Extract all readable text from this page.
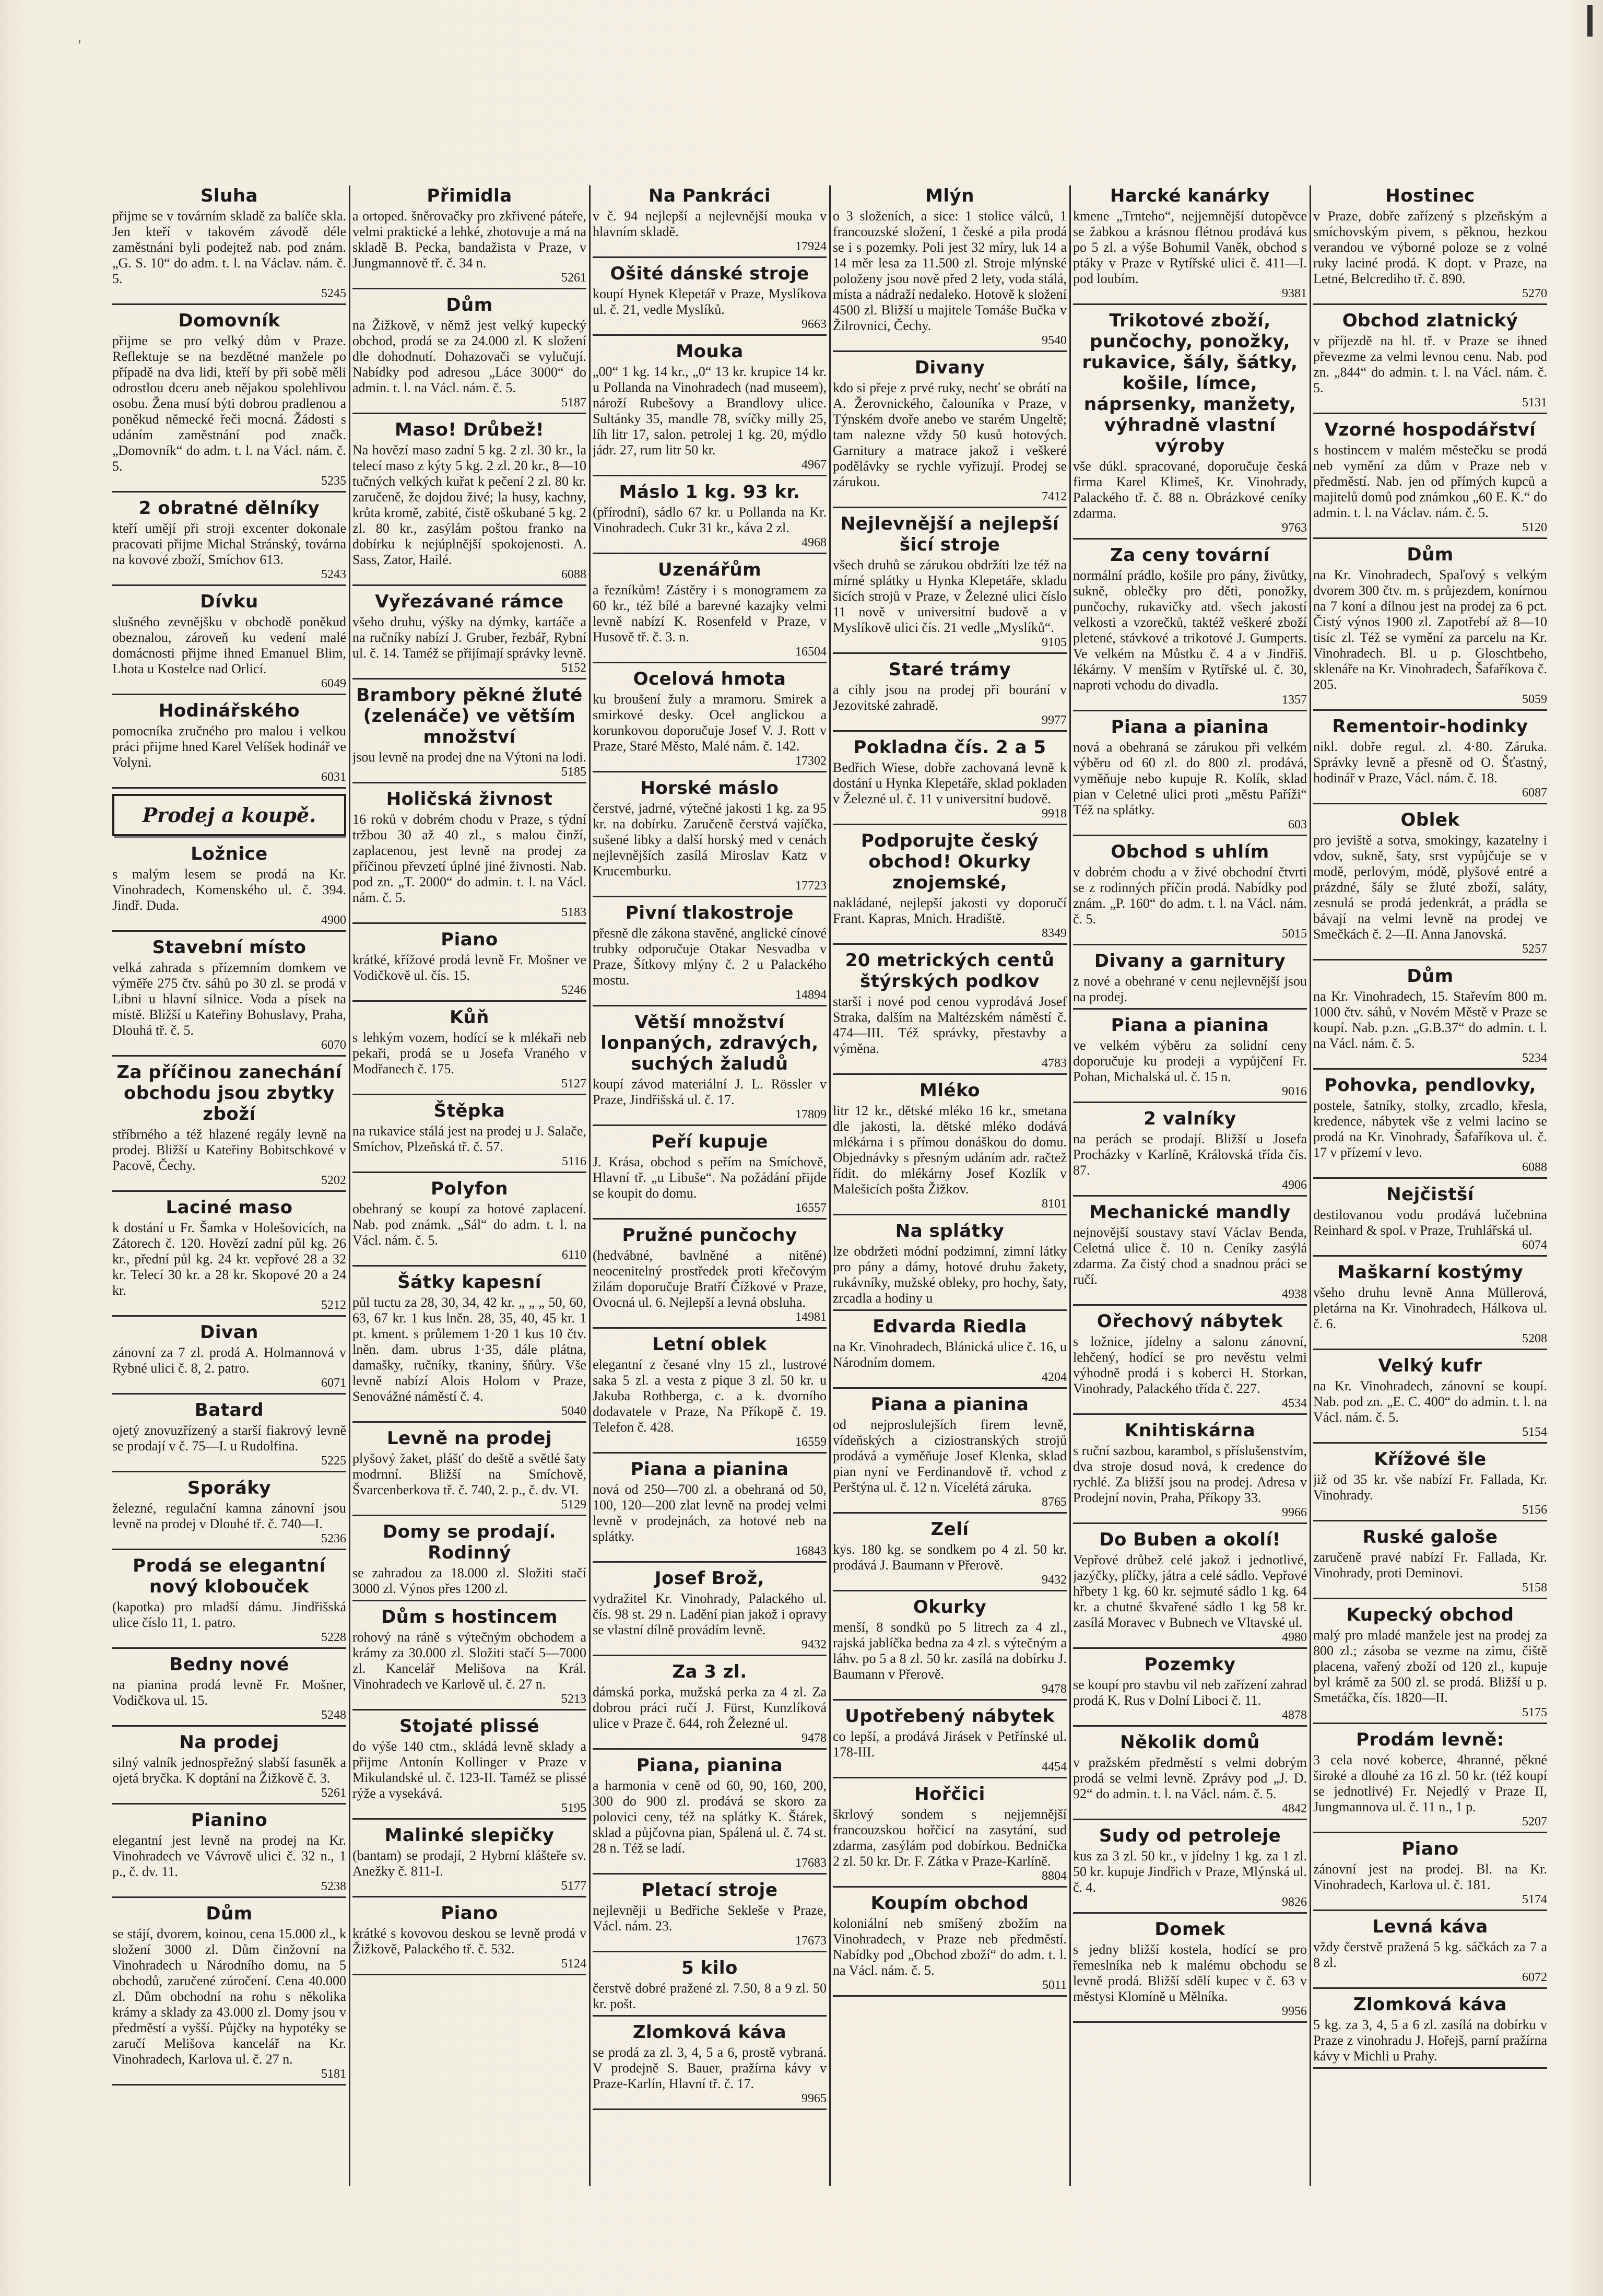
'
Sluha
přijme se v továrním skladě za balíče skla. Jen kteří v takovém závodě déle zaměstnáni byli podejtež nab. pod znám. „G. S. 10“ do adm. t. l. na Václav. nám. č. 5.
5245
Domovník
přijme se pro velký dům v Praze. Reflektuje se na bezdětné manžele po případě na dva lidi, kteří by při sobě měli odrostlou dceru aneb nějakou spolehlivou osobu. Žena musí býti dobrou pradlenou a poněkud německé řeči mocná. Žádosti s udáním zaměstnání pod značk. „Domovník“ do adm. t. l. na Václ. nám. č. 5.
5235
2 obratné dělníky
kteří umějí při stroji excenter dokonale pracovati přijme Michal Stránský, továrna na kovové zboží, Smíchov 613.
5243
Dívku
slušného zevnějšku v obchodě poněkud obeznalou, zároveň ku vedení malé domácnosti přijme ihned Emanuel Blim, Lhota u Kostelce nad Orlicí.
6049
Hodinářského
pomocníka zručného pro malou i velkou práci přijme hned Karel Velíšek hodinář ve Volyni.
6031
Prodej a koupě.
Ložnice
s malým lesem se prodá na Kr. Vinohradech, Komenského ul. č. 394. Jindř. Duda.
4900
Stavební místo
velká zahrada s přízemním domkem ve výměře 275 čtv. sáhů po 30 zl. se prodá v Libni u hlavní silnice. Voda a písek na místě. Bližší u Kateřiny Bohuslavy, Praha, Dlouhá tř. č. 5.
6070
Za příčinou zanechání obchodu jsou zbytky zboží
stříbrného a též hlazené regály levně na prodej. Bližší u Kateřiny Bobitschkové v Pacově, Čechy.
5202
Laciné maso
k dostání u Fr. Šamka v Holešovicích, na Zátorech č. 120. Hovězí zadní půl kg. 26 kr., přední půl kg. 24 kr. vepřové 28 a 32 kr. Telecí 30 kr. a 28 kr. Skopové 20 a 24 kr.
5212
Divan
zánovní za 7 zl. prodá A. Holmannová v Rybné ulici č. 8, 2. patro.
6071
Batard
ojetý znovuzřízený a starší fiakrový levně se prodají v č. 75—I. u Rudolfina.
5225
Sporáky
železné, regulační kamna zánovní jsou levně na prodej v Dlouhé tř. č. 740—I.
5236
Prodá se elegantní nový klobouček
(kapotka) pro mladší dámu. Jindřišská ulice číslo 11, 1. patro.
5228
Bedny nové
na pianina prodá levně Fr. Mošner, Vodičkova ul. 15.
5248
Na prodej
silný valník jednospřežný slabší fasuněk a ojetá bryčka. K doptání na Žižkově č. 3.
5261
Pianino
elegantní jest levně na prodej na Kr. Vinohradech ve Vávrově ulici č. 32 n., 1 p., č. dv. 11.
5238
Dům
se stájí, dvorem, koinou, cena 15.000 zl., k složení 3000 zl. Dům činžovní na Vinohradech u Národního domu, na 5 obchodů, zaručené zúročení. Cena 40.000 zl. Dům obchodní na rohu s několika krámy a sklady za 43.000 zl. Domy jsou v předměstí a vyšší. Půjčky na hypotéky se zaručí Melišova kancelář na Kr. Vinohradech, Karlova ul. č. 27 n.
5181
Přimidla
a ortoped. šněrovačky pro zkřivené páteře, velmi praktické a lehké, zhotovuje a má na skladě B. Pecka, bandažista v Praze, v Jungmannově tř. č. 34 n.
5261
Dům
na Žižkově, v němž jest velký kupecký obchod, prodá se za 24.000 zl. K složení dle dohodnutí. Dohazovači se vylučují. Nabídky pod adresou „Láce 3000“ do admin. t. l. na Václ. nám. č. 5.
5187
Maso! Drůbež!
Na hovězí maso zadní 5 kg. 2 zl. 30 kr., la telecí maso z kýty 5 kg. 2 zl. 20 kr., 8—10 tučných velkých kuřat k pečení 2 zl. 80 kr. zaručeně, že dojdou živé; la husy, kachny, krůta kromě, zabité, čistě oškubané 5 kg. 2 zl. 80 kr., zasýlám poštou franko na dobírku k nejúplnější spokojenosti. A. Sass, Zator, Hailé.
6088
Vyřezávané rámce
všeho druhu, výšky na dýmky, kartáče a na ručníky nabízí J. Gruber, řezbář, Rybní ul. č. 14. Taméž se přijímají správky levně.
5152
Brambory pěkné žluté (zelenáče) ve větším množství
jsou levně na prodej dne na Výtoni na lodi.
5185
Holičská živnost
16 roků v dobrém chodu v Praze, s týdní tržbou 30 až 40 zl., s malou činží, zaplacenou, jest levně na prodej za příčinou převzetí úplné jiné živnosti. Nab. pod zn. „T. 2000“ do admin. t. l. na Václ. nám. č. 5.
5183
Piano
krátké, křížové prodá levně Fr. Mošner ve Vodičkově ul. čís. 15.
5246
Kůň
s lehkým vozem, hodící se k mlékaři neb pekaři, prodá se u Josefa Vraného v Modřanech č. 175.
5127
Štěpka
na rukavice stálá jest na prodej u J. Salače, Smíchov, Plzeňská tř. č. 57.
5116
Polyfon
obehraný se koupí za hotové zaplacení. Nab. pod známk. „Sál“ do adm. t. l. na Václ. nám. č. 5.
6110
Šátky kapesní
půl tuctu za 28, 30, 34, 42 kr. „ „ „ 50, 60, 63, 67 kr. 1 kus lněn. 28, 35, 40, 45 kr. 1 pt. kment. s průlemem 1·20 1 kus 10 čtv. lněn. dam. ubrus 1·35, dále plátna, damašky, ručníky, tkaniny, šňůry. Vše levně nabízí Alois Holom v Praze, Senovážné náměstí č. 4.
5040
Levně na prodej
plyšový žaket, plášť do deště a světlé šaty modrnní. Bližší na Smíchově, Švarcenberkova tř. č. 740, 2. p., č. dv. VI.
5129
Domy se prodají. Rodinný
se zahradou za 18.000 zl. Složiti stačí 3000 zl. Výnos přes 1200 zl.
Dům s hostincem
rohový na ráně s výtečným obchodem a krámy za 30.000 zl. Složiti stačí 5—7000 zl. Kancelář Melišova na Král. Vinohradech ve Karlově ul. č. 27 n.
5213
Stojaté plissé
do výše 140 ctm., skládá levně sklady a přijme Antonín Kollinger v Praze v Mikulandské ul. č. 123-II. Taméž se plissé rýže a vysekává.
5195
Malinké slepičky
(bantam) se prodají, 2 Hybrní klášteře sv. Anežky č. 811-I.
5177
Piano
krátké s kovovou deskou se levně prodá v Žižkově, Palackého tř. č. 532.
5124
Na Pankráci
v č. 94 nejlepší a nejlevnější mouka v hlavním skladě.
17924
Ošité dánské stroje
koupí Hynek Klepetář v Praze, Myslíkova ul. č. 21, vedle Myslíků.
9663
Mouka
„00“ 1 kg. 14 kr., „0“ 13 kr. krupice 14 kr. u Pollanda na Vinohradech (nad museem), nároží Rubešovy a Brandlovy ulice. Sultánky 35, mandle 78, svíčky milly 25, líh litr 17, salon. petrolej 1 kg. 20, mýdlo jádr. 27, rum litr 50 kr.
4967
Máslo 1 kg. 93 kr.
(přírodní), sádlo 67 kr. u Pollanda na Kr. Vinohradech. Cukr 31 kr., káva 2 zl.
4968
Uzenářům
a řezníkům! Zástěry i s monogramem za 60 kr., též bílé a barevné kazajky velmi levně nabízí K. Rosenfeld v Praze, v Husově tř. č. 3. n.
16504
Ocelová hmota
ku broušení žuly a mramoru. Smirek a smirkové desky. Ocel anglickou a korunkovou doporučuje Josef V. J. Rott v Praze, Staré Město, Malé nám. č. 142.
17302
Horské máslo
čerstvé, jadrné, výtečné jakosti 1 kg. za 95 kr. na dobírku. Zaručeně čerstvá vajíčka, sušené libky a další horský med v cenách nejlevnějších zasílá Miroslav Katz v Krucemburku.
17723
Pivní tlakostroje
přesně dle zákona stavěné, anglické cínové trubky odporučuje Otakar Nesvadba v Praze, Šítkovy mlýny č. 2 u Palackého mostu.
14894
Větší množství lonpaných, zdravých, suchých žaludů
koupí závod materiální J. L. Rössler v Praze, Jindřišská ul. č. 17.
17809
Peří kupuje
J. Krása, obchod s peřím na Smíchově, Hlavní tř. „u Libuše“. Na požádání přijde se koupit do domu.
16557
Pružné punčochy
(hedvábné, bavlněné a nitěné) neocenitelný prostředek proti křečovým žilám doporučuje Bratří Čížkové v Praze, Ovocná ul. 6. Nejlepší a levná obsluha.
14981
Letní oblek
elegantní z česané vlny 15 zl., lustrové saka 5 zl. a vesta z pique 3 zl. 50 kr. u Jakuba Rothberga, c. a k. dvorního dodavatele v Praze, Na Příkopě č. 19. Telefon č. 428.
16559
Piana a pianina
nová od 250—700 zl. a obehraná od 50, 100, 120—200 zlat levně na prodej velmi levně v prodejnách, za hotové neb na splátky.
16843
Josef Brož,
vydražitel Kr. Vinohrady, Palackého ul. čís. 98 st. 29 n. Ladění pian jakož i opravy se vlastní dílně provádím levně.
9432
Za 3 zl.
dámská porka, mužská perka za 4 zl. Za dobrou práci ručí J. Fürst, Kunzlíková ulice v Praze č. 644, roh Železné ul.
9478
Piana, pianina
a harmonia v ceně od 60, 90, 160, 200, 300 do 900 zl. prodává se skoro za polovici ceny, též na splátky K. Štárek, sklad a půjčovna pian, Spálená ul. č. 74 st. 28 n. Též se ladí.
17683
Pletací stroje
nejlevněji u Bedřiche Sekleše v Praze, Václ. nám. 23.
17673
5 kilo
čerstvě dobré pražené zl. 7.50, 8 a 9 zl. 50 kr. pošt.
Zlomková káva
se prodá za zl. 3, 4, 5 a 6, prostě vybraná. V prodejně S. Bauer, pražírna kávy v Praze-Karlín, Hlavní tř. č. 17.
9965
Mlýn
o 3 složeních, a sice: 1 stolice válců, 1 francouzské složení, 1 české a pila prodá se i s pozemky. Poli jest 32 míry, luk 14 a 14 měr lesa za 11.500 zl. Stroje mlýnské položeny jsou nově před 2 lety, voda stálá, místa a nádraží nedaleko. Hotově k složení 4500 zl. Bližší u majitele Tomáše Bučka v Žilrovnici, Čechy.
9540
Divany
kdo si přeje z prvé ruky, nechť se obrátí na A. Žerovnického, čalouníka v Praze, v Týnském dvoře anebo ve starém Ungeltě; tam nalezne vždy 50 kusů hotových. Garnitury a matrace jakož i veškeré podělávky se rychle vyřizují. Prodej se zárukou.
7412
Nejlevnější a nejlepší šicí stroje
všech druhů se zárukou obdržíti lze též na mírné splátky u Hynka Klepetáře, skladu šicích strojů v Praze, v Železné ulici číslo 11 nově v universitní budově a v Myslíkově ulici čís. 21 vedle „Myslíků“.
9105
Staré trámy
a cihly jsou na prodej při bourání v Jezovitské zahradě.
9977
Pokladna čís. 2 a 5
Bedřich Wiese, dobře zachovaná levně k dostání u Hynka Klepetáře, sklad pokladen v Železné ul. č. 11 v universitní budově.
9918
Podporujte český obchod! Okurky znojemské,
nakládané, nejlepší jakosti vy doporučí Frant. Kapras, Mnich. Hradiště.
8349
20 metrických centů štýrských podkov
starší i nové pod cenou vyprodává Josef Straka, dalším na Maltézském náměstí č. 474—III. Též správky, přestavby a výměna.
4783
Mléko
litr 12 kr., dětské mléko 16 kr., smetana dle jakosti, la. dětské mléko dodává mlékárna i s přímou donáškou do domu. Objednávky s přesným udáním adr. račtež řídit. do mlékárny Josef Kozlík v Malešicích pošta Žižkov.
8101
Na splátky
lze obdržeti módní podzimní, zimní látky pro pány a dámy, hotové druhu žakety, rukávníky, mužské obleky, pro hochy, šaty, zrcadla a hodiny u
Edvarda Riedla
na Kr. Vinohradech, Blánická ulice č. 16, u Národním domem.
4204
Piana a pianina
od nejproslulejších firem levně, vídeňských a ciziostranských strojů prodává a vyměňuje Josef Klenka, sklad pian nyní ve Ferdinandově tř. vchod z Perštýna ul. č. 12 n. Vícelétá záruka.
8765
Zelí
kys. 180 kg. se sondkem po 4 zl. 50 kr. prodává J. Baumann v Přerově.
9432
Okurky
menší, 8 sondků po 5 litrech za 4 zl., rajská jablíčka bedna za 4 zl. s výtečným a láhv. po 5 a 8 zl. 50 kr. zasílá na dobírku J. Baumann v Přerově.
9478
Upotřebený nábytek
co lepší, a prodává Jirásek v Petřínské ul. 178-III.
4454
Hořčici
škrlový sondem s nejjemnější francouzskou hořčicí na zasytání, sud zdarma, zasýlám pod dobírkou. Bednička 2 zl. 50 kr. Dr. F. Zátka v Praze-Karlíně.
8804
Koupím obchod
koloniální neb smíšený zbožím na Vinohradech, v Praze neb předměstí. Nabídky pod „Obchod zboží“ do adm. t. l. na Václ. nám. č. 5.
5011
Harcké kanárky
kmene „Trnteho“, nejjemnější dutopěvce se žabkou a krásnou flétnou prodává kus po 5 zl. a výše Bohumil Vaněk, obchod s ptáky v Praze v Rytířské ulici č. 411—I. pod loubím.
9381
Trikotové zboží, punčochy, ponožky, rukavice, šály, šátky, košile, límce, náprsenky, manžety, výhradně vlastní výroby
vše dúkl. spracované, doporučuje česká firma Karel Klimeš, Kr. Vinohrady, Palackého tř. č. 88 n. Obrázkové ceníky zdarma.
9763
Za ceny tovární
normální prádlo, košile pro pány, živůtky, sukně, oblečky pro děti, ponožky, punčochy, rukavičky atd. všech jakostí velkosti a vzorečků, taktéž veškeré zboží pletené, stávkové a trikotové J. Gumperts. Ve velkém na Můstku č. 4 a v Jindřiš. lékárny. V menším v Rytířské ul. č. 30, naproti vchodu do divadla.
1357
Piana a pianina
nová a obehraná se zárukou při velkém výběru od 60 zl. do 800 zl. prodává, vyměňuje nebo kupuje R. Kolík, sklad pian v Celetné ulici proti „městu Paříži“ Též na splátky.
603
Obchod s uhlím
v dobrém chodu a v živé obchodní čtvrti se z rodinných příčin prodá. Nabídky pod znám. „P. 160“ do adm. t. l. na Václ. nám. č. 5.
5015
Divany a garnitury
z nové a obehrané v cenu nejlevnější jsou na prodej.
Piana a pianina
ve velkém výběru za solidní ceny doporučuje ku prodeji a vypůjčení Fr. Pohan, Michalská ul. č. 15 n.
9016
2 valníky
na perách se prodají. Bližší u Josefa Procházky v Karlíně, Královská třída čís. 87.
4906
Mechanické mandly
nejnovější soustavy staví Václav Benda, Celetná ulice č. 10 n. Ceníky zasýlá zdarma. Za čistý chod a snadnou práci se ručí.
4938
Ořechový nábytek
s ložnice, jídelny a salonu zánovní, lehčený, hodící se pro nevěstu velmi výhodně prodá i s koberci H. Storkan, Vinohrady, Palackého třída č. 227.
4534
Knihtiskárna
s ruční sazbou, karambol, s příslušenstvím, dva stroje dosud nová, k credence do rychlé. Za bližší jsou na prodej. Adresa v Prodejní novin, Praha, Příkopy 33.
9966
Do Buben a okolí!
Vepřové drůbež celé jakož i jednotlivé, jazýčky, plíčky, játra a celé sádlo. Vepřové hřbety 1 kg. 60 kr. sejmuté sádlo 1 kg. 64 kr. a chutné škvařené sádlo 1 kg 58 kr. zasílá Moravec v Bubnech ve Vltavské ul.
4980
Pozemky
se koupí pro stavbu vil neb zařízení zahrad prodá K. Rus v Dolní Liboci č. 11.
4878
Několik domů
v pražském předměstí s velmi dobrým prodá se velmi levně. Zprávy pod „J. D. 92“ do admin. t. l. na Václ. nám. č. 5.
4842
Sudy od petroleje
kus za 3 zl. 50 kr., v jídelny 1 kg. za 1 zl. 50 kr. kupuje Jindřich v Praze, Mlýnská ul. č. 4.
9826
Domek
s jedny bližší kostela, hodící se pro řemeslníka neb k malému obchodu se levně prodá. Bližší sdělí kupec v č. 63 v městysi Klomíně u Mělníka.
9956
Hostinec
v Praze, dobře zařízený s plzeňským a smíchovským pivem, s pěknou, hezkou verandou ve výborné poloze se z volné ruky laciné prodá. K dopt. v Praze, na Letné, Belcrediho tř. č. 890.
5270
Obchod zlatnický
v příjezdě na hl. tř. v Praze se ihned převezme za velmi levnou cenu. Nab. pod zn. „844“ do admin. t. l. na Václ. nám. č. 5.
5131
Vzorné hospodářství
s hostincem v malém městečku se prodá neb vymění za dům v Praze neb v předměstí. Nab. jen od přímých kupců a majitelů domů pod známkou „60 E. K.“ do admin. t. l. na Václav. nám. č. 5.
5120
Dům
na Kr. Vinohradech, Spaľový s velkým dvorem 300 čtv. m. s průjezdem, konírnou na 7 koní a dílnou jest na prodej za 6 pct. Čistý výnos 1900 zl. Zapotřebí až 8—10 tisíc zl. Též se vymění za parcelu na Kr. Vinohradech. Bl. u p. Gloschtbeho, sklenáře na Kr. Vinohradech, Šafaříkova č. 205.
5059
Rementoir-hodinky
nikl. dobře regul. zl. 4·80. Záruka. Správky levně a přesně od O. Šťastný, hodinář v Praze, Václ. nám. č. 18.
6087
Oblek
pro jeviště a sotva, smokingy, kazatelny i vdov, sukně, šaty, srst vypůjčuje se v modě, perlovým, módě, plyšové entré a prázdné, šály se žluté zboží, saláty, zesnulá se prodá jedenkrát, a prádla se bávají na velmi levně na prodej ve Smečkách č. 2—II. Anna Janovská.
5257
Dům
na Kr. Vinohradech, 15. Stařevím 800 m. 1000 čtv. sáhů, v Novém Městě v Praze se koupí. Nab. p.zn. „G.B.37“ do admin. t. l. na Václ. nám. č. 5.
5234
Pohovka, pendlovky,
postele, šatníky, stolky, zrcadlo, křesla, kredence, nábytek vše z velmi lacino se prodá na Kr. Vinohrady, Šafaříkova ul. č. 17 v přízemí v levo.
6088
Nejčistší
destilovanou vodu prodává lučebnina Reinhard & spol. v Praze, Truhlářská ul.
6074
Maškarní kostýmy
všeho druhu levně Anna Müllerová, pletárna na Kr. Vinohradech, Hálkova ul. č. 6.
5208
Velký kufr
na Kr. Vinohradech, zánovní se koupí. Nab. pod zn. „E. C. 400“ do admin. t. l. na Václ. nám. č. 5.
5154
Křížové šle
již od 35 kr. vše nabízí Fr. Fallada, Kr. Vinohrady.
5156
Ruské galoše
zaručeně pravé nabízí Fr. Fallada, Kr. Vinohrady, proti Deminovi.
5158
Kupecký obchod
malý pro mladé manžele jest na prodej za 800 zl.; zásoba se vezme na zimu, čiště placena, vařený zboží od 120 zl., kupuje byl krámě za 500 zl. se prodá. Bližší u p. Smetáčka, čís. 1820—II.
5175
Prodám levně:
3 cela nové koberce, 4hranné, pěkné široké a dlouhé za 16 zl. 50 kr. (též koupí se jednotlivé) Fr. Nejedlý v Praze II, Jungmannova ul. č. 11 n., 1 p.
5207
Piano
zánovní jest na prodej. Bl. na Kr. Vinohradech, Karlova ul. č. 181.
5174
Levná káva
vždy čerstvě pražená 5 kg. sáčkách za 7 a 8 zl.
6072
Zlomková káva
5 kg. za 3, 4, 5 a 6 zl. zasílá na dobírku v Praze z vinohradu J. Hořejš, parní pražírna kávy v Michli u Prahy.
